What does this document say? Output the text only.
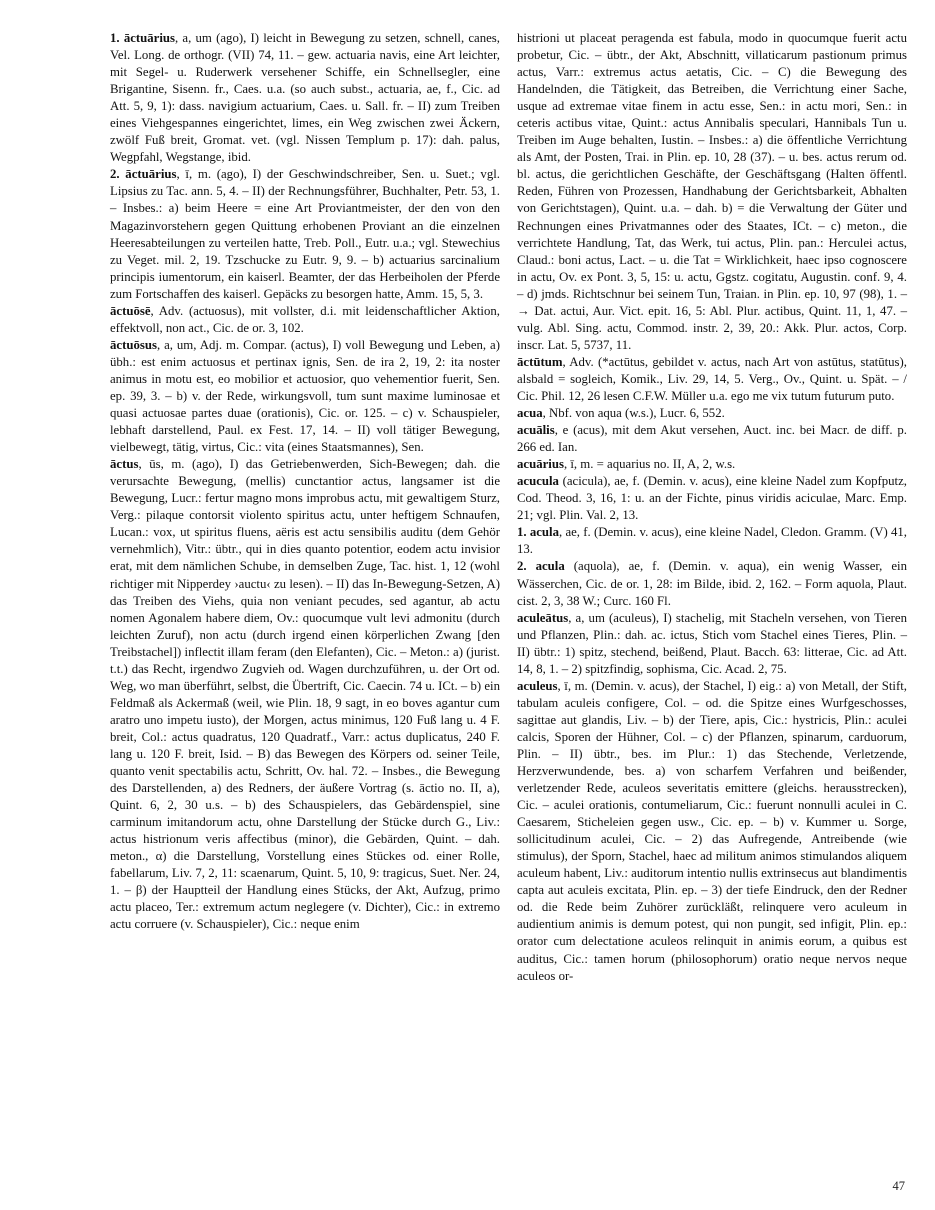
1. āctuārius, a, um (ago), I) leicht in Bewegung zu setzen, schnell, canes, Vel. Long. de orthogr. (VII) 74, 11. – gew. actuaria navis, eine Art leichter, mit Segel- u. Ruderwerk versehener Schiffe, ein Schnellsegler, eine Brigantine, Sisenn. fr., Caes. u.a. (so auch subst., actuaria, ae, f., Cic. ad Att. 5, 9, 1): dass. navigium actuarium, Caes. u. Sall. fr. – II) zum Treiben eines Viehgespannes eingerichtet, limes, ein Weg zwischen zwei Äckern, zwölf Fuß breit, Gromat. vet. (vgl. Nissen Templum p. 17): dah. palus, Wegpfahl, Wegstange, ibid.

2. āctuārius, ī, m. (ago), I) der Geschwindschreiber, Sen. u. Suet.; vgl. Lipsius zu Tac. ann. 5, 4. – II) der Rechnungsführer, Buchhalter, Petr. 53, 1. – Insbes.: a) beim Heere = eine Art Proviantmeister, der den von den Magazinvorstehern gegen Quittung erhobenen Proviant an die einzelnen Heeresabteilungen zu verteilen hatte, Treb. Poll., Eutr. u.a.; vgl. Stewechius zu Veget. mil. 2, 19. Tzschucke zu Eutr. 9, 9. – b) actuarius sarcinalium principis iumentorum, ein kaiserl. Beamter, der das Herbeiholen der Pferde zum Fortschaffen des kaiserl. Gepäcks zu besorgen hatte, Amm. 15, 5, 3.

āctuōsē, Adv. (actuosus), mit vollster, d.i. mit leidenschaftlicher Aktion, effektvoll, non act., Cic. de or. 3, 102.

āctuōsus, a, um, Adj. m. Compar. (actus), I) voll Bewegung und Leben, a) übh.: est enim actuosus et pertinax ignis, Sen. de ira 2, 19, 2: ita noster animus in motu est, eo mobilior et actuosior, quo vehementior fuerit, Sen. ep. 39, 3. – b) v. der Rede, wirkungsvoll, tum sunt maxime luminosae et quasi actuosae partes duae (orationis), Cic. or. 125. – c) v. Schauspieler, lebhaft darstellend, Paul. ex Fest. 17, 14. – II) voll tätiger Bewegung, vielbewegt, tätig, virtus, Cic.: vita (eines Staatsmannes), Sen.

āctus, ūs, m. (ago), I) das Getriebenwerden, Sich-Bewegen; dah. die verursachte Bewegung, (mellis) cunctantior actus, langsamer ist die Bewegung, Lucr.: fertur magno mons improbus actu, mit gewaltigem Sturz, Verg.: pilaque contorsit violento spiritus actu, unter heftigem Schnaufen, Lucan.: vox, ut spiritus fluens, aëris est actu sensibilis auditu (dem Gehör vernehmlich), Vitr.: übtr., qui in dies quanto potentior, eodem actu invisior erat, mit dem nämlichen Schube, in demselben Zuge, Tac. hist. 1, 12 (wohl richtiger mit Nipperdey ›auctu‹ zu lesen). – II) das In-Bewegung-Setzen, A) das Treiben des Viehs, quia non veniant pecudes, sed agantur, ab actu nomen Agonalem habere diem, Ov.: quocumque vult levi admonitu (durch leichten Zuruf), non actu (durch irgend einen körperlichen Zwang [den Treibstachel]) inflectit illam feram (den Elefanten), Cic. – Meton.: a) (jurist. t.t.) das Recht, irgendwo Zugvieh od. Wagen durchzuführen, u. der Ort od. Weg, wo man überführt, selbst, die Übertrift, Cic. Caecin. 74 u. ICt. – b) ein Feldmaß als Ackermaß (weil, wie Plin. 18, 9 sagt, in eo boves agantur cum aratro uno impetu iusto), der Morgen, actus minimus, 120 Fuß lang u. 4 F. breit, Col.: actus quadratus, 120 Quadratf., Varr.: actus duplicatus, 240 F. lang u. 120 F. breit, Isid. – B) das Bewegen des Körpers od. seiner Teile, quanto venit spectabilis actu, Schritt, Ov. hal. 72. – Insbes., die Bewegung des Darstellenden, a) des Redners, der äußere Vortrag (s. āctio no. II, a), Quint. 6, 2, 30 u.s. – b) des Schauspielers, das Gebärdenspiel, sine carminum imitandorum actu, ohne Darstellung der Stücke durch G., Liv.: actus histrionum veris affectibus (minor), die Gebärden, Quint. – dah. meton., α) die Darstellung, Vorstellung eines Stückes od. einer Rolle, fabellarum, Liv. 7, 2, 11: scaenarum, Quint. 5, 10, 9: tragicus, Suet. Ner. 24, 1. – β) der Hauptteil der Handlung eines Stücks, der Akt, Aufzug, primo actu placeo, Ter.: extremum actum neglegere (v. Dichter), Cic.: in extremo actu corruere (v. Schauspieler), Cic.: neque enim

histrioni ut placeat peragenda est fabula, modo in quocumque fuerit actu probetur, Cic. – übtr., der Akt, Abschnitt, villaticarum pastionum primus actus, Varr.: extremus actus aetatis, Cic. – C) die Bewegung des Handelnden, die Tätigkeit, das Betreiben, die Verrichtung einer Sache, usque ad extremae vitae finem in actu esse, Sen.: in actu mori, Sen.: in ceteris actibus vitae, Quint.: actus Annibalis speculari, Hannibals Tun u. Treiben im Auge behalten, Iustin. – Insbes.: a) die öffentliche Verrichtung als Amt, der Posten, Trai. in Plin. ep. 10, 28 (37). – u. bes. actus rerum od. bl. actus, die gerichtlichen Geschäfte, der Geschäftsgang (Halten öffentl. Reden, Führen von Prozessen, Handhabung der Gerichtsbarkeit, Abhalten von Gerichtstagen), Quint. u.a. – dah. b) = die Verwaltung der Güter und Rechnungen eines Privatmannes oder des Staates, ICt. – c) meton., die verrichtete Handlung, Tat, das Werk, tui actus, Plin. pan.: Herculei actus, Claud.: boni actus, Lact. – u. die Tat = Wirklichkeit, haec ipso cognoscere in actu, Ov. ex Pont. 3, 5, 15: u. actu, Ggstz. cogitatu, Augustin. conf. 9, 4. – d) jmds. Richtschnur bei seinem Tun, Traian. in Plin. ep. 10, 97 (98), 1. – → Dat. actui, Aur. Vict. epit. 16, 5: Abl. Plur. actibus, Quint. 11, 1, 47. – vulg. Abl. Sing. actu, Commod. instr. 2, 39, 20.: Akk. Plur. actos, Corp. inscr. Lat. 5, 5737, 11.

āctūtum, Adv. (*actūtus, gebildet v. actus, nach Art von astūtus, statūtus), alsbald = sogleich, Komik., Liv. 29, 14, 5. Verg., Ov., Quint. u. Spät. – / Cic. Phil. 12, 26 lesen C.F.W. Müller u.a. ego me vix tutum futurum puto.

acua, Nbf. von aqua (w.s.), Lucr. 6, 552.

acuālis, e (acus), mit dem Akut versehen, Auct. inc. bei Macr. de diff. p. 266 ed. Ian.

acuārius, ī, m. = aquarius no. II, A, 2, w.s.

acucula (acicula), ae, f. (Demin. v. acus), eine kleine Nadel zum Kopfputz, Cod. Theod. 3, 16, 1: u. an der Fichte, pinus viridis aciculae, Marc. Emp. 21; vgl. Plin. Val. 2, 13.

1. acula, ae, f. (Demin. v. acus), eine kleine Nadel, Cledon. Gramm. (V) 41, 13.

2. acula (aquola), ae, f. (Demin. v. aqua), ein wenig Wasser, ein Wässerchen, Cic. de or. 1, 28: im Bilde, ibid. 2, 162. – Form aquola, Plaut. cist. 2, 3, 38 W.; Curc. 160 Fl.

aculeātus, a, um (aculeus), I) stachelig, mit Stacheln versehen, von Tieren und Pflanzen, Plin.: dah. ac. ictus, Stich vom Stachel eines Tieres, Plin. – II) übtr.: 1) spitz, stechend, beißend, Plaut. Bacch. 63: litterae, Cic. ad Att. 14, 8, 1. – 2) spitzfindig, sophisma, Cic. Acad. 2, 75.

aculeus, ī, m. (Demin. v. acus), der Stachel, I) eig.: a) von Metall, der Stift, tabulam aculeis configere, Col. – od. die Spitze eines Wurfgeschosses, sagittae aut glandis, Liv. – b) der Tiere, apis, Cic.: hystricis, Plin.: aculei calcis, Sporen der Hühner, Col. – c) der Pflanzen, spinarum, carduorum, Plin. – II) übtr., bes. im Plur.: 1) das Stechende, Verletzende, Herzverwundende, bes. a) von scharfem Verfahren und beißender, verletzender Rede, aculeos severitatis emittere (gleichs. herausstrecken), Cic. – aculei orationis, contumeliarum, Cic.: fuerunt nonnulli aculei in C. Caesarem, Sticheleien gegen usw., Cic. ep. – b) v. Kummer u. Sorge, sollicitudinum aculei, Cic. – 2) das Aufregende, Antreibende (wie stimulus), der Sporn, Stachel, haec ad militum animos stimulandos aliquem aculeum habent, Liv.: auditorum intentio nullis extrinsecus aut blandimentis capta aut aculeis excitata, Plin. ep. – 3) der tiefe Eindruck, den der Redner od. die Rede beim Zuhörer zurückläßt, relinquere vero aculeum in audientium animis is demum potest, qui non pungit, sed infigit, Plin. ep.: orator cum delectatione aculeos relinquit in animis eorum, a quibus est auditus, Cic.: tamen horum (philosophorum) oratio neque nervos neque aculeos or-

47
